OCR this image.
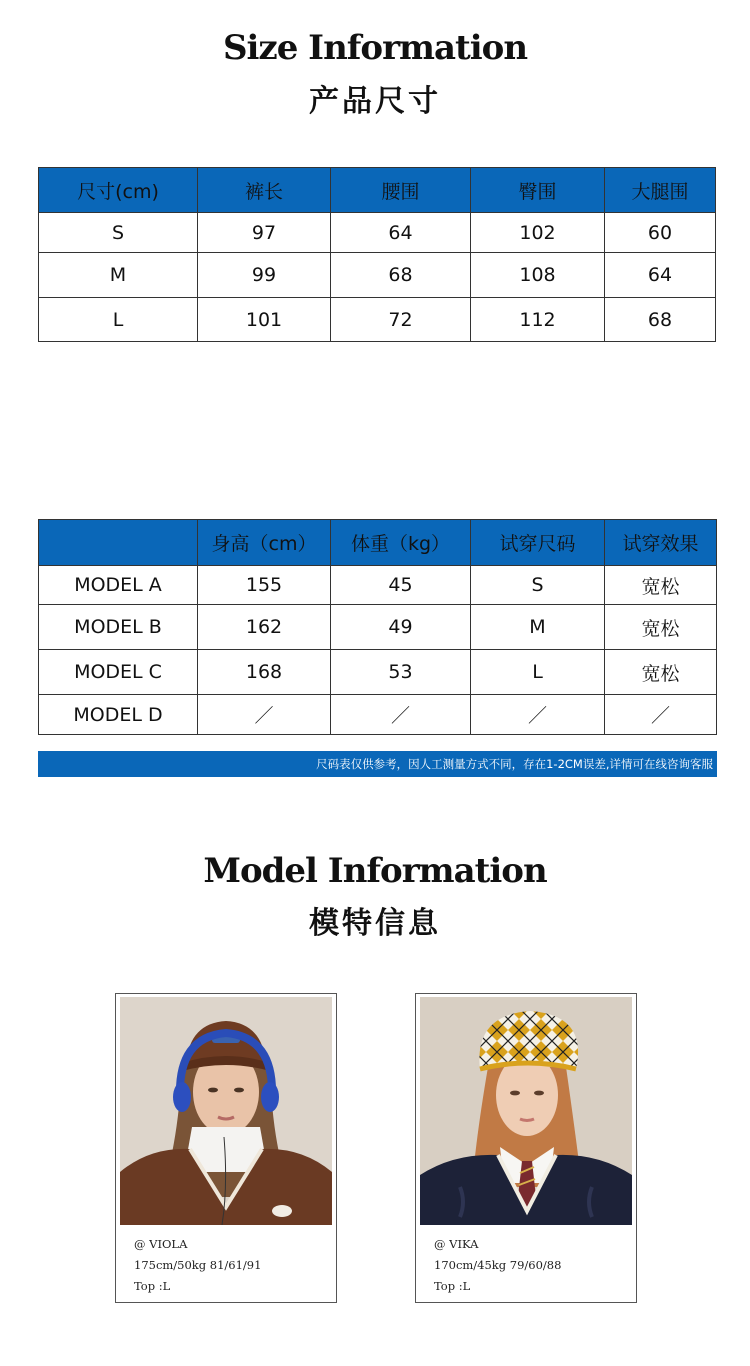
Size Information
产品尺寸
尺寸(cm)	裤长	腰围	臀围	大腿围
S	97	64	102	60
M	99	68	108	64
L	101	72	112	68
	身高（cm）	体重（kg）	试穿尺码	试穿效果
MODEL A	155	45	S	宽松
MODEL B	162	49	M	宽松
MODEL C	168	53	L	宽松
MODEL D	／	／	／	／
尺码表仅供参考，因人工测量方式不同，存在1-2CM误差,详情可在线咨询客服
Model Information
模特信息
@ VIOLA
175cm/50kg 81/61/91
Top :L
@ VIKA
170cm/45kg 79/60/88
Top :L
